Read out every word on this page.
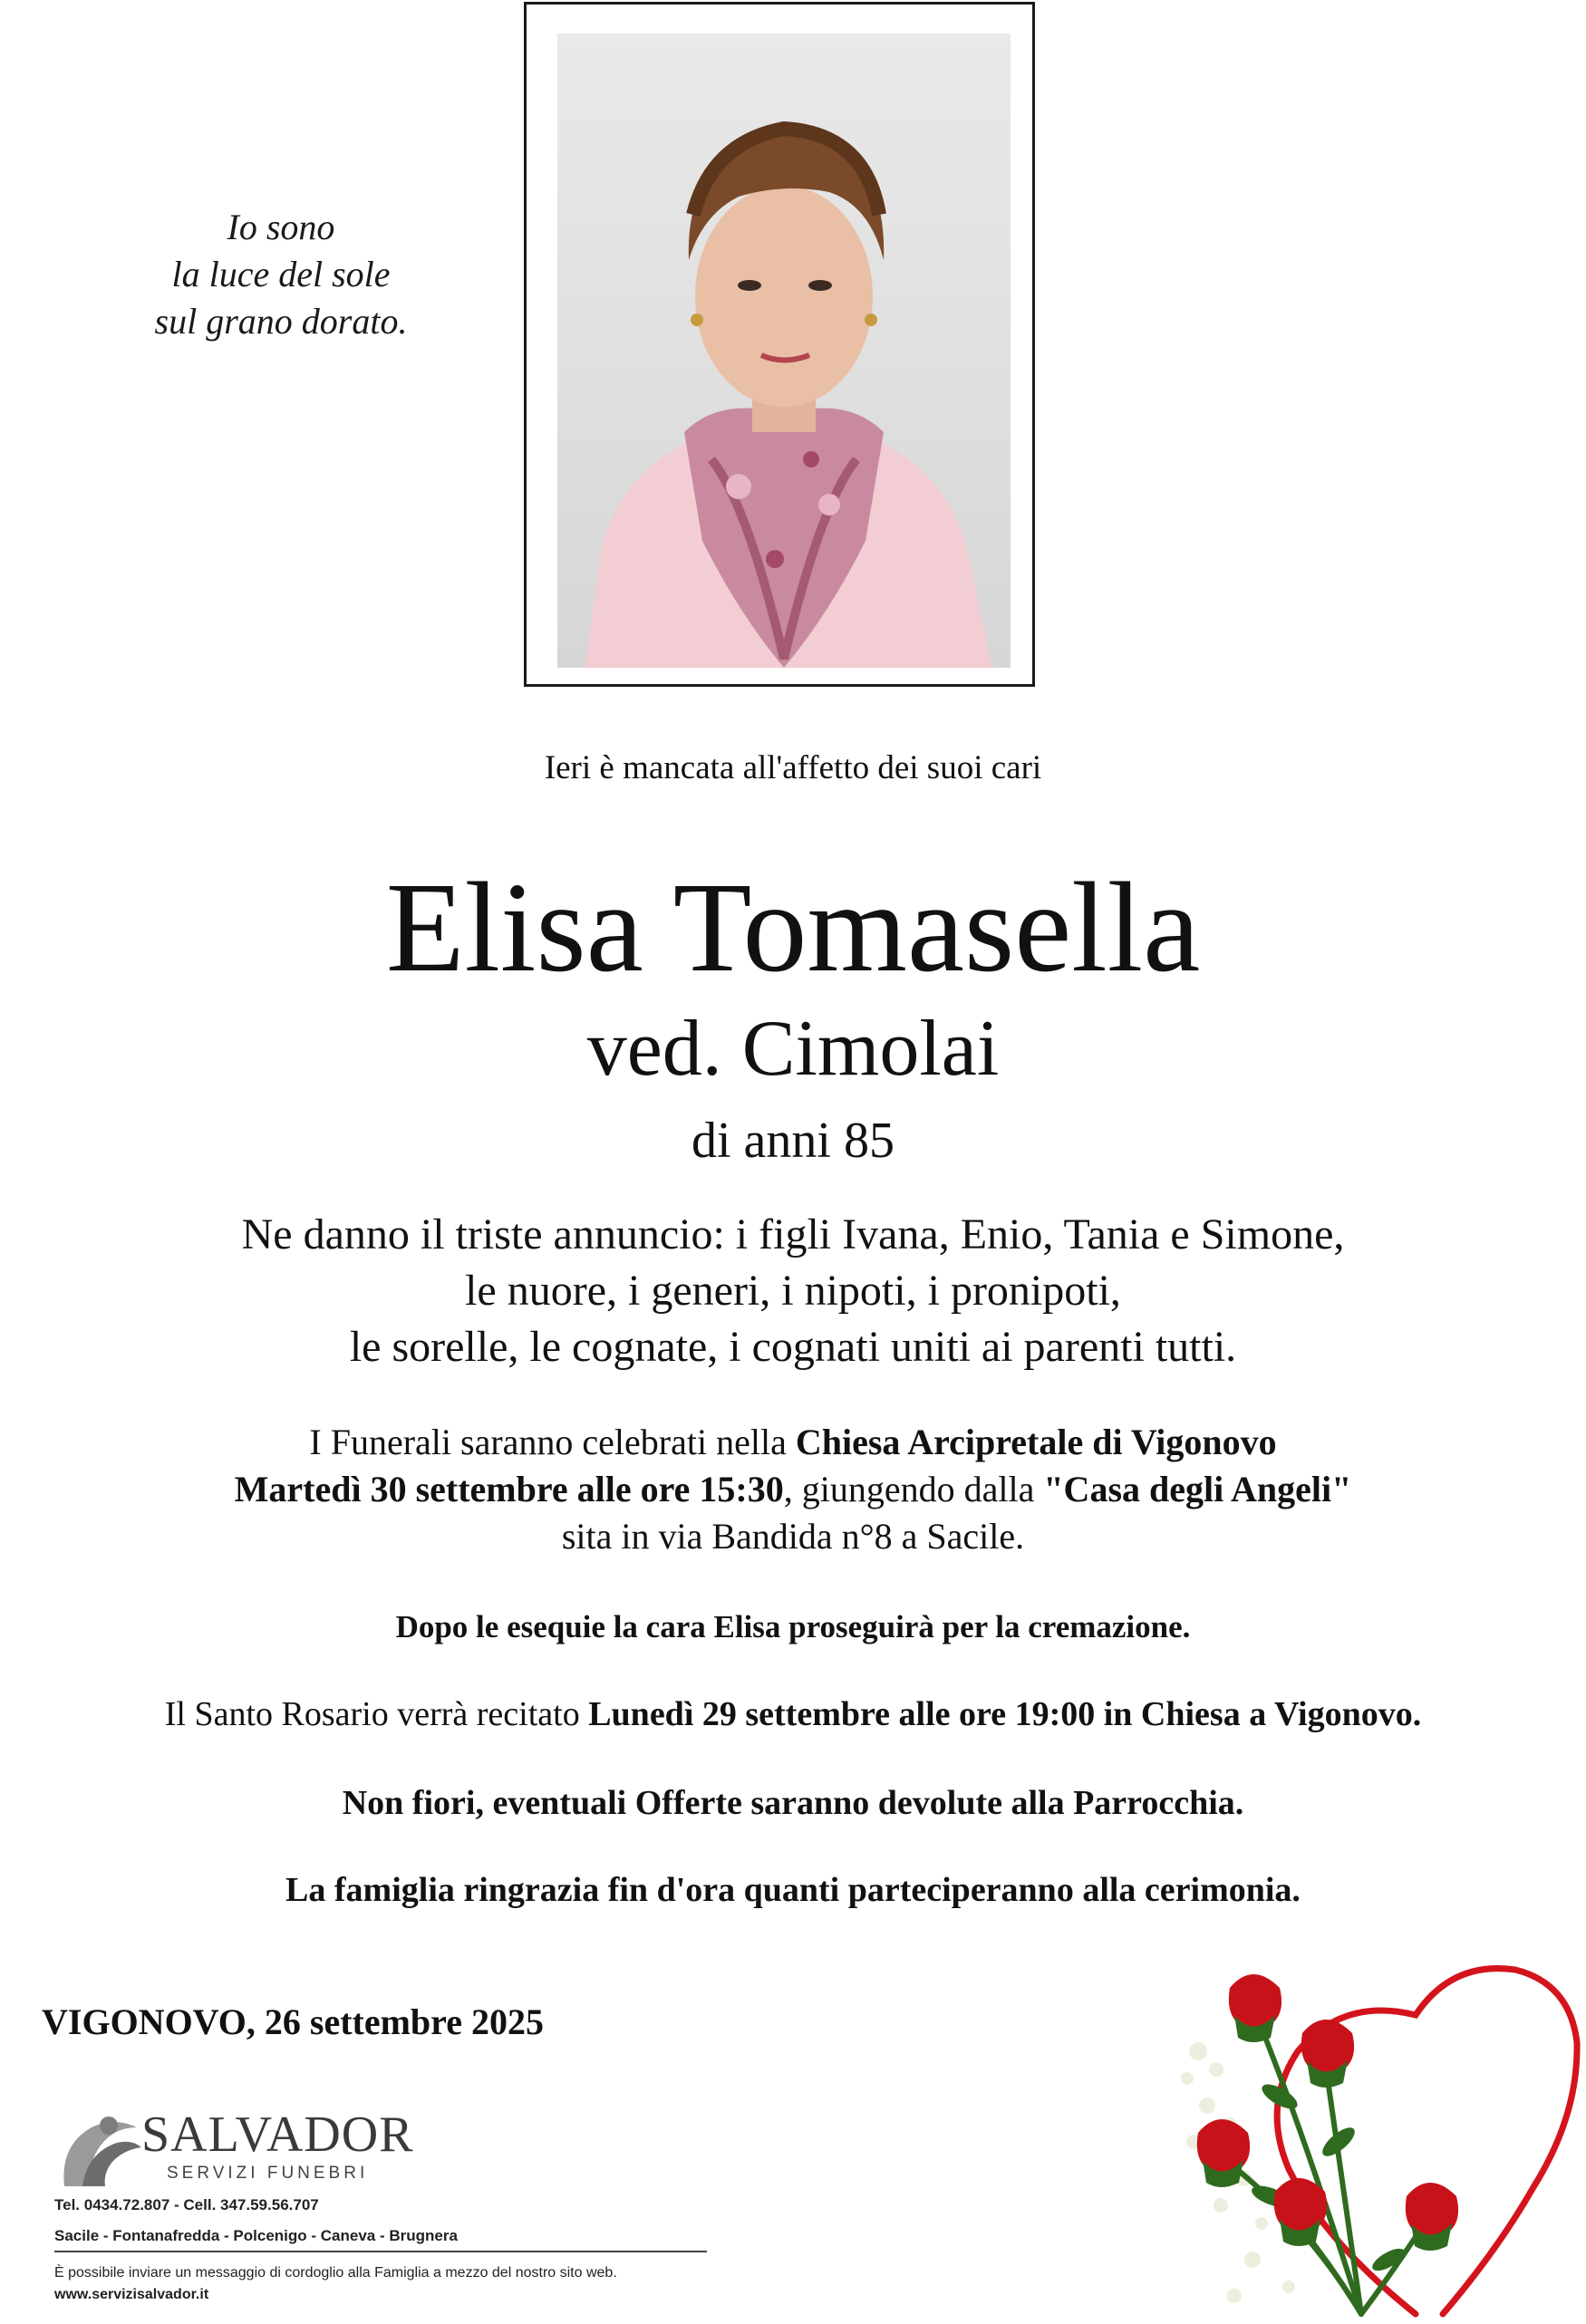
Io sono
la luce del sole
sul grano dorato.
Ieri è mancata all'affetto dei suoi cari
Elisa Tomasella
ved. Cimolai
di anni 85
Ne danno il triste annuncio: i figli Ivana, Enio, Tania e Simone,
le nuore, i generi, i nipoti, i pronipoti,
le sorelle, le cognate, i cognati uniti ai parenti tutti.
I Funerali saranno celebrati nella Chiesa Arcipretale di Vigonovo
Martedì 30 settembre alle ore 15:30, giungendo dalla "Casa degli Angeli"
sita in via Bandida n°8 a Sacile.
Dopo le esequie la cara Elisa proseguirà per la cremazione.
Il Santo Rosario verrà recitato Lunedì 29 settembre alle ore 19:00 in Chiesa a Vigonovo.
Non fiori, eventuali Offerte saranno devolute alla Parrocchia.
La famiglia ringrazia fin d'ora quanti parteciperanno alla cerimonia.
VIGONOVO, 26 settembre 2025
SALVADOR
SERVIZI FUNEBRI
Tel. 0434.72.807 - Cell. 347.59.56.707
Sacile - Fontanafredda - Polcenigo - Caneva - Brugnera
È possibile inviare un messaggio di cordoglio alla Famiglia a mezzo del nostro sito web.
www.servizisalvador.it
